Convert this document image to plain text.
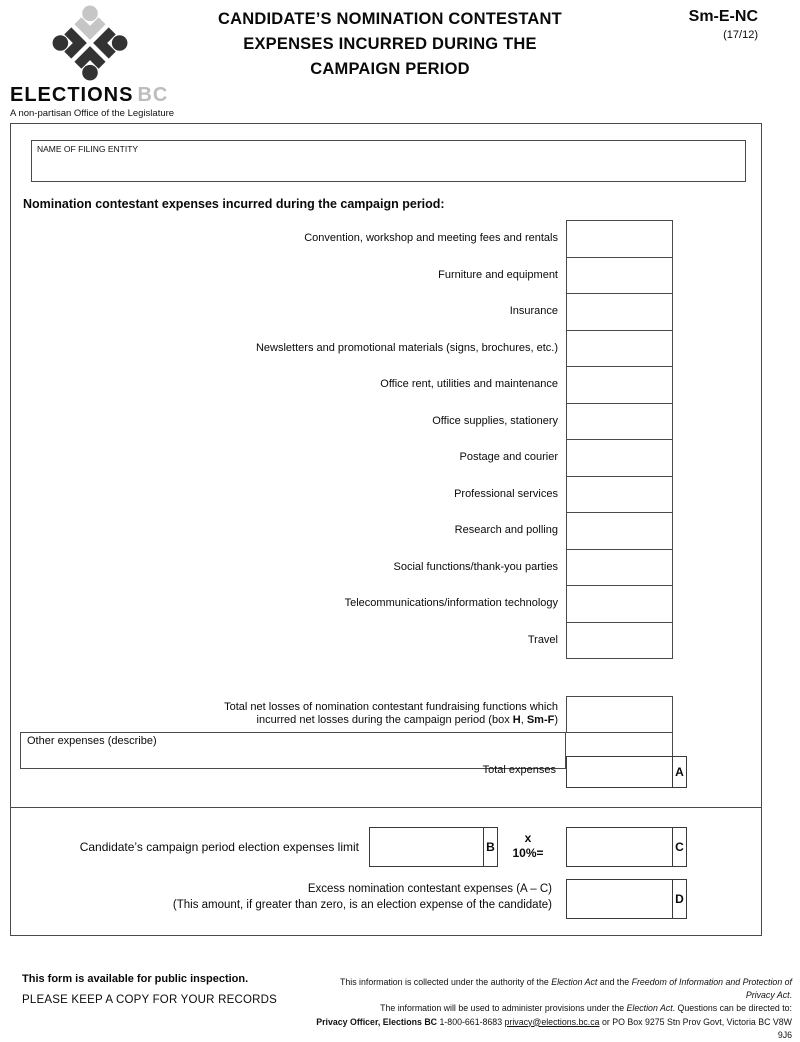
ELECTIONS BC
A non-partisan Office of the Legislature
CANDIDATE’S NOMINATION CONTESTANT
EXPENSES INCURRED DURING THE
CAMPAIGN PERIOD
Sm-E-NC
(17/12)
NAME OF FILING ENTITY
Nomination contestant expenses incurred during the campaign period:
Convention, workshop and meeting fees and rentals
Furniture and equipment
Insurance
Newsletters and promotional materials (signs, brochures, etc.)
Office rent, utilities and maintenance
Office supplies, stationery
Postage and courier
Professional services
Research and polling
Social functions/thank-you parties
Telecommunications/information technology
Travel
Total net losses of nomination contestant fundraising functions which
incurred net losses during the campaign period (box H, Sm-F)
Other expenses (describe)
Total expenses	A
Candidate’s campaign period election expenses limit	B
x
10%=	C
Excess nomination contestant expenses (A – C)
(This amount, if greater than zero, is an election expense of the candidate)	D
This form is available for public inspection.
PLEASE KEEP A COPY FOR YOUR RECORDS
This information is collected under the authority of the Election Act and the Freedom of Information and Protection of Privacy Act.
The information will be used to administer provisions under the Election Act. Questions can be directed to:
Privacy Officer, Elections BC 1-800-661-8683 privacy@elections.bc.ca or PO Box 9275 Stn Prov Govt, Victoria BC V8W 9J6
